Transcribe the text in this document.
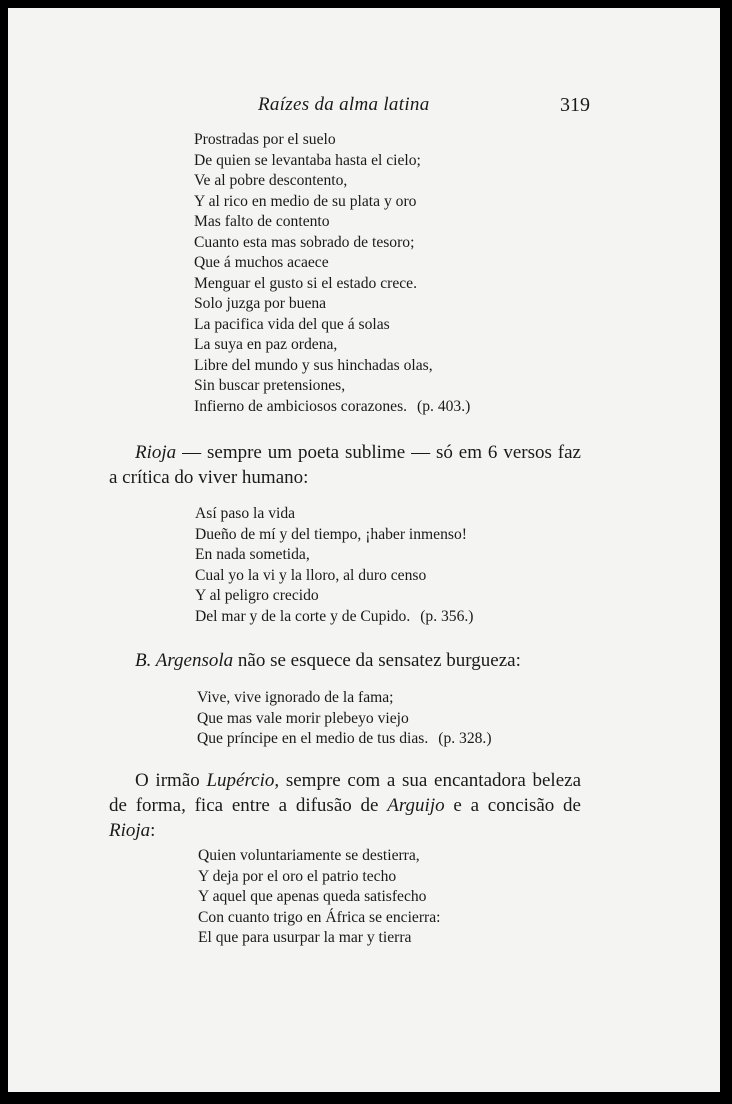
Raízes da alma latina	319
Prostradas por el suelo
De quien se levantaba hasta el cielo;
Ve al pobre descontento,
Y al rico en medio de su plata y oro
Mas falto de contento
Cuanto esta mas sobrado de tesoro;
Que á muchos acaece
Menguar el gusto si el estado crece.
Solo juzga por buena
La pacifica vida del que á solas
La suya en paz ordena,
Libre del mundo y sus hinchadas olas,
Sin buscar pretensiones,
Infierno de ambiciosos corazones. (p. 403.)

Rioja — sempre um poeta sublime — só em 6 versos faz a crítica do viver humano:

Así paso la vida
Dueño de mí y del tiempo, ¡haber inmenso!
En nada sometida,
Cual yo la vi y la lloro, al duro censo
Y al peligro crecido
Del mar y de la corte y de Cupido. (p. 356.)

B. Argensola não se esquece da sensatez burgueza:

Vive, vive ignorado de la fama;
Que mas vale morir plebeyo viejo
Que príncipe en el medio de tus dias. (p. 328.)

O irmão Lupércio, sempre com a sua encantadora beleza de forma, fica entre a difusão de Arguijo e a concisão de Rioja:

Quien voluntariamente se destierra,
Y deja por el oro el patrio techo
Y aquel que apenas queda satisfecho
Con cuanto trigo en África se encierra:
El que para usurpar la mar y tierra
